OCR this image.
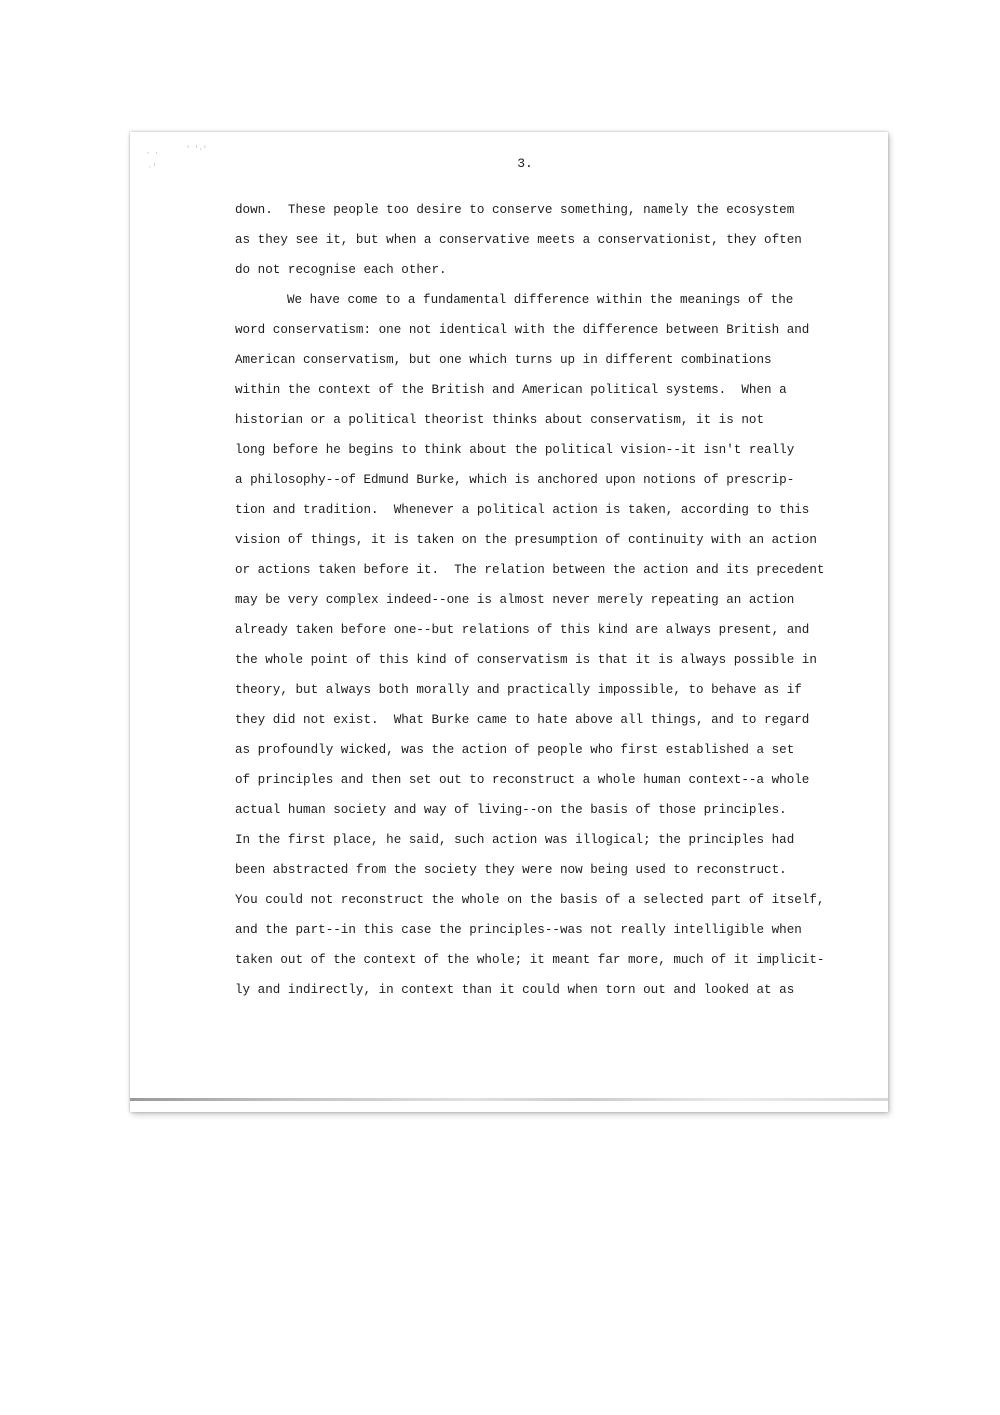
· ·	' '·'
·'	3.
down.  These people too desire to conserve something, namely the ecosystem
as they see it, but when a conservative meets a conservationist, they often
do not recognise each other.
We have come to a fundamental difference within the meanings of the
word conservatism: one not identical with the difference between British and
American conservatism, but one which turns up in different combinations
within the context of the British and American political systems.  When a
historian or a political theorist thinks about conservatism, it is not
long before he begins to think about the political vision--it isn't really
a philosophy--of Edmund Burke, which is anchored upon notions of prescrip-
tion and tradition.  Whenever a political action is taken, according to this
vision of things, it is taken on the presumption of continuity with an action
or actions taken before it.  The relation between the action and its precedent
may be very complex indeed--one is almost never merely repeating an action
already taken before one--but relations of this kind are always present, and
the whole point of this kind of conservatism is that it is always possible in
theory, but always both morally and practically impossible, to behave as if
they did not exist.  What Burke came to hate above all things, and to regard
as profoundly wicked, was the action of people who first established a set
of principles and then set out to reconstruct a whole human context--a whole
actual human society and way of living--on the basis of those principles.
In the first place, he said, such action was illogical; the principles had
been abstracted from the society they were now being used to reconstruct.
You could not reconstruct the whole on the basis of a selected part of itself,
and the part--in this case the principles--was not really intelligible when
taken out of the context of the whole; it meant far more, much of it implicit-
ly and indirectly, in context than it could when torn out and looked at as
